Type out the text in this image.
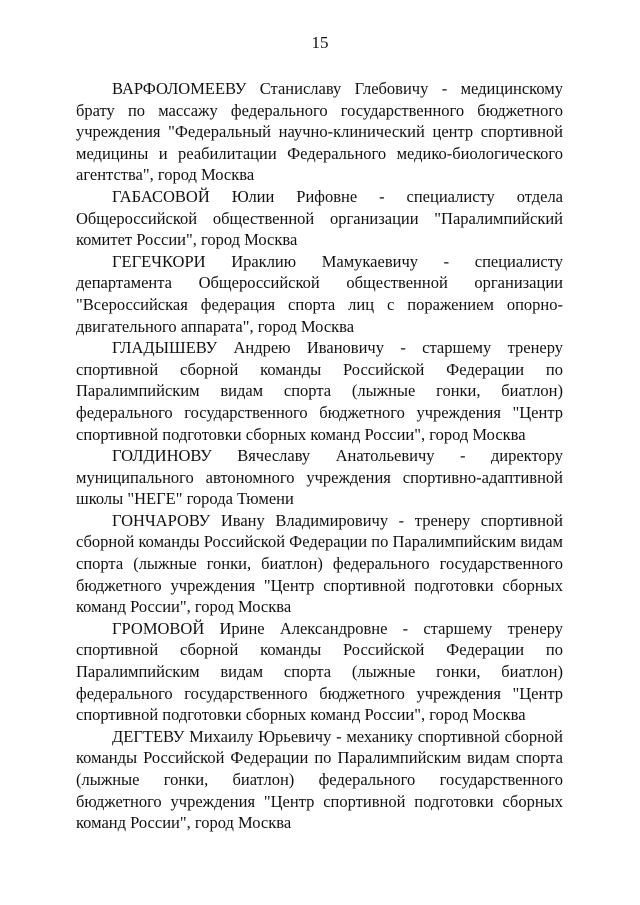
15

ВАРФОЛОМЕЕВУ Станиславу Глебовичу - медицинскому брату по массажу федерального государственного бюджетного учреждения "Федеральный научно-клинический центр спортивной медицины и реабилитации Федерального медико-биологического агентства", город Москва

ГАБАСОВОЙ Юлии Рифовне - специалисту отдела Общероссийской общественной организации "Паралимпийский комитет России", город Москва

ГЕГЕЧКОРИ Ираклию Мамукаевичу - специалисту департамента Общероссийской общественной организации "Всероссийская федерация спорта лиц с поражением опорно-двигательного аппарата", город Москва

ГЛАДЫШЕВУ Андрею Ивановичу - старшему тренеру спортивной сборной команды Российской Федерации по Паралимпийским видам спорта (лыжные гонки, биатлон) федерального государственного бюджетного учреждения "Центр спортивной подготовки сборных команд России", город Москва

ГОЛДИНОВУ Вячеславу Анатольевичу - директору муниципального автономного учреждения спортивно-адаптивной школы "НЕГЕ" города Тюмени

ГОНЧАРОВУ Ивану Владимировичу - тренеру спортивной сборной команды Российской Федерации по Паралимпийским видам спорта (лыжные гонки, биатлон) федерального государственного бюджетного учреждения "Центр спортивной подготовки сборных команд России", город Москва

ГРОМОВОЙ Ирине Александровне - старшему тренеру спортивной сборной команды Российской Федерации по Паралимпийским видам спорта (лыжные гонки, биатлон) федерального государственного бюджетного учреждения "Центр спортивной подготовки сборных команд России", город Москва

ДЕГТЕВУ Михаилу Юрьевичу - механику спортивной сборной команды Российской Федерации по Паралимпийским видам спорта (лыжные гонки, биатлон) федерального государственного бюджетного учреждения "Центр спортивной подготовки сборных команд России", город Москва
